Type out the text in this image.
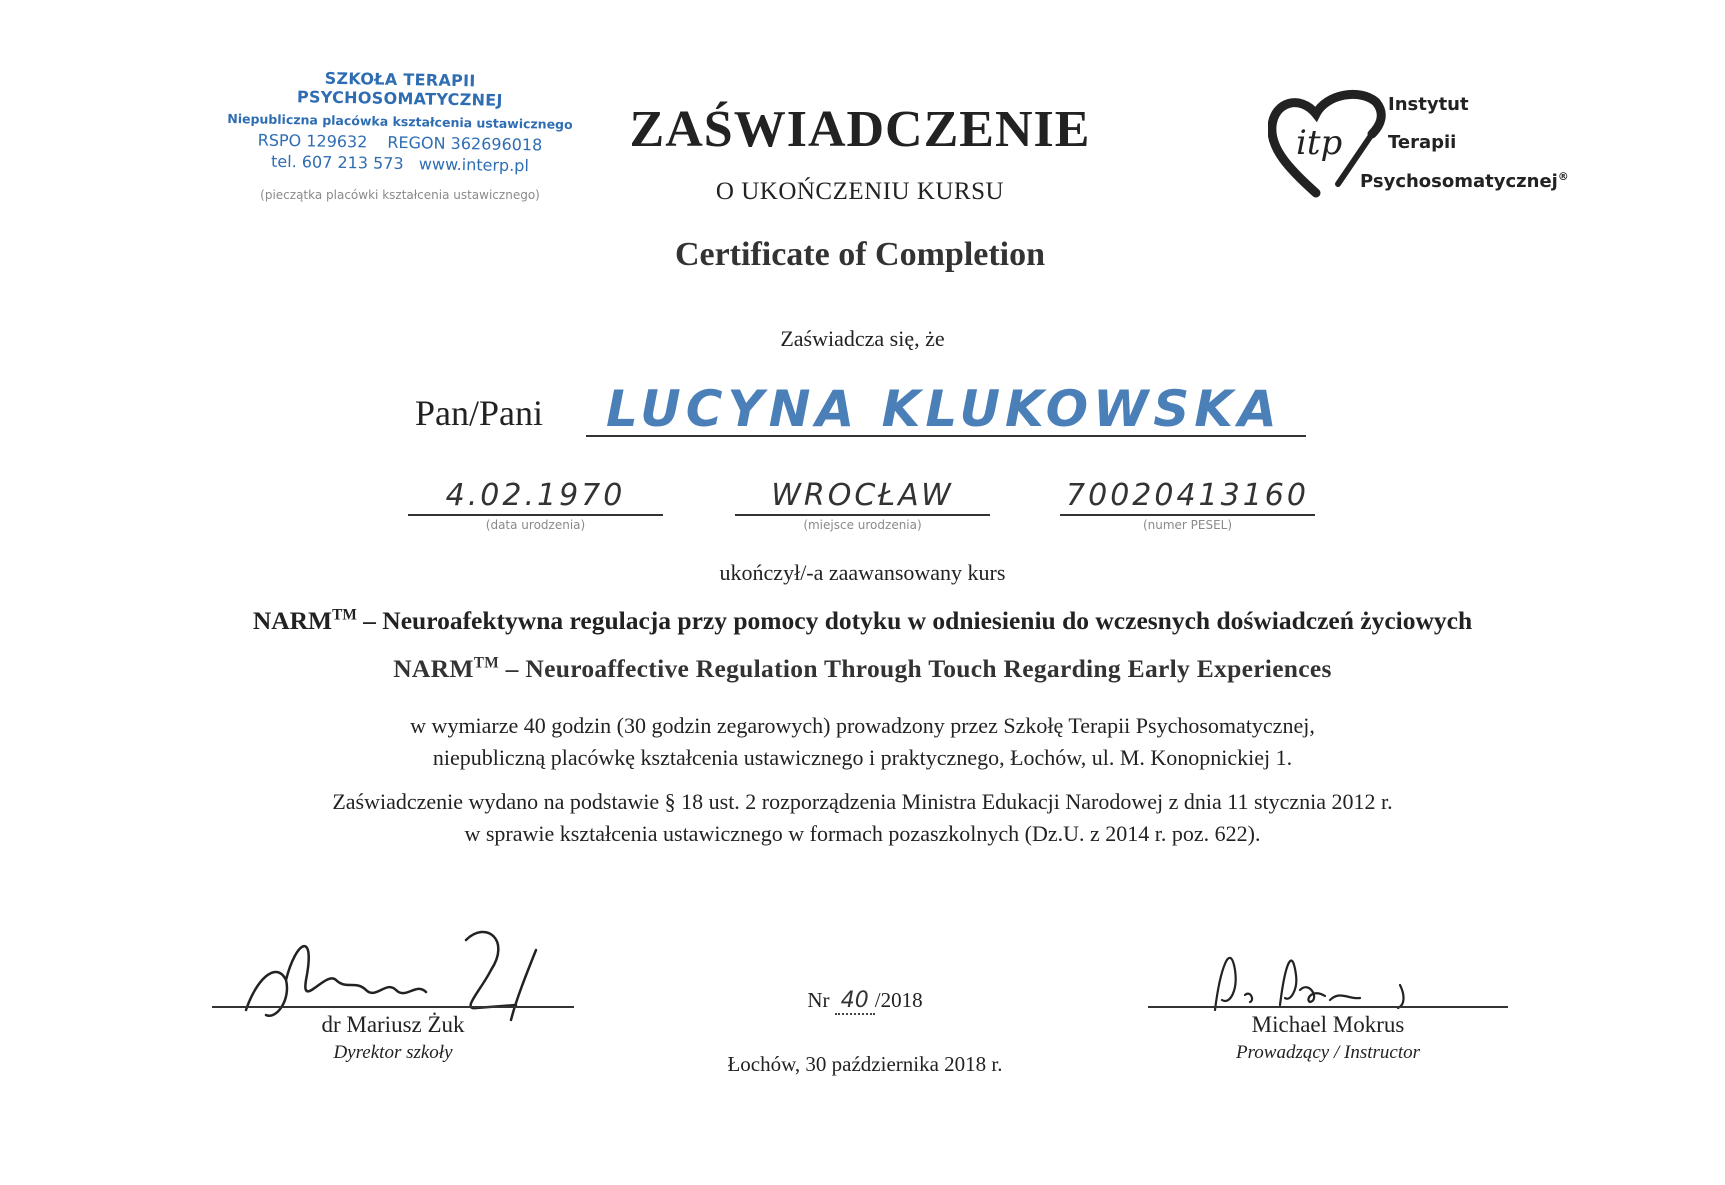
SZKOŁA TERAPII PSYCHOSOMATYCZNEJ
Niepubliczna placówka kształcenia ustawicznego
RSPO 129632 REGON 362696018
tel. 607 213 573 www.interp.pl
(pieczątka placówki kształcenia ustawicznego)
ZAŚWIADCZENIE
O UKOŃCZENIU KURSU
Certificate of Completion
itp
Instytut
Terapii
Psychosomatycznej®
Zaświadcza się, że
Pan/Pani LUCYNA KLUKOWSKA
4.02.1970
(data urodzenia)
WROCŁAW
(miejsce urodzenia)
70020413160
(numer PESEL)
ukończył/-a zaawansowany kurs
NARM™ – Neuroafektywna regulacja przy pomocy dotyku w odniesieniu do wczesnych doświadczeń życiowych
NARM™ – Neuroaffective Regulation Through Touch Regarding Early Experiences
w wymiarze 40 godzin (30 godzin zegarowych) prowadzony przez Szkołę Terapii Psychosomatycznej,
niepubliczną placówkę kształcenia ustawicznego i praktycznego, Łochów, ul. M. Konopnickiej 1.
Zaświadczenie wydano na podstawie § 18 ust. 2 rozporządzenia Ministra Edukacji Narodowej z dnia 11 stycznia 2012 r.
w sprawie kształcenia ustawicznego w formach pozaszkolnych (Dz.U. z 2014 r. poz. 622).
dr Mariusz Żuk
Dyrektor szkoły
Nr 40 /2018
Łochów, 30 października 2018 r.
Michael Mokrus
Prowadzący / Instructor
